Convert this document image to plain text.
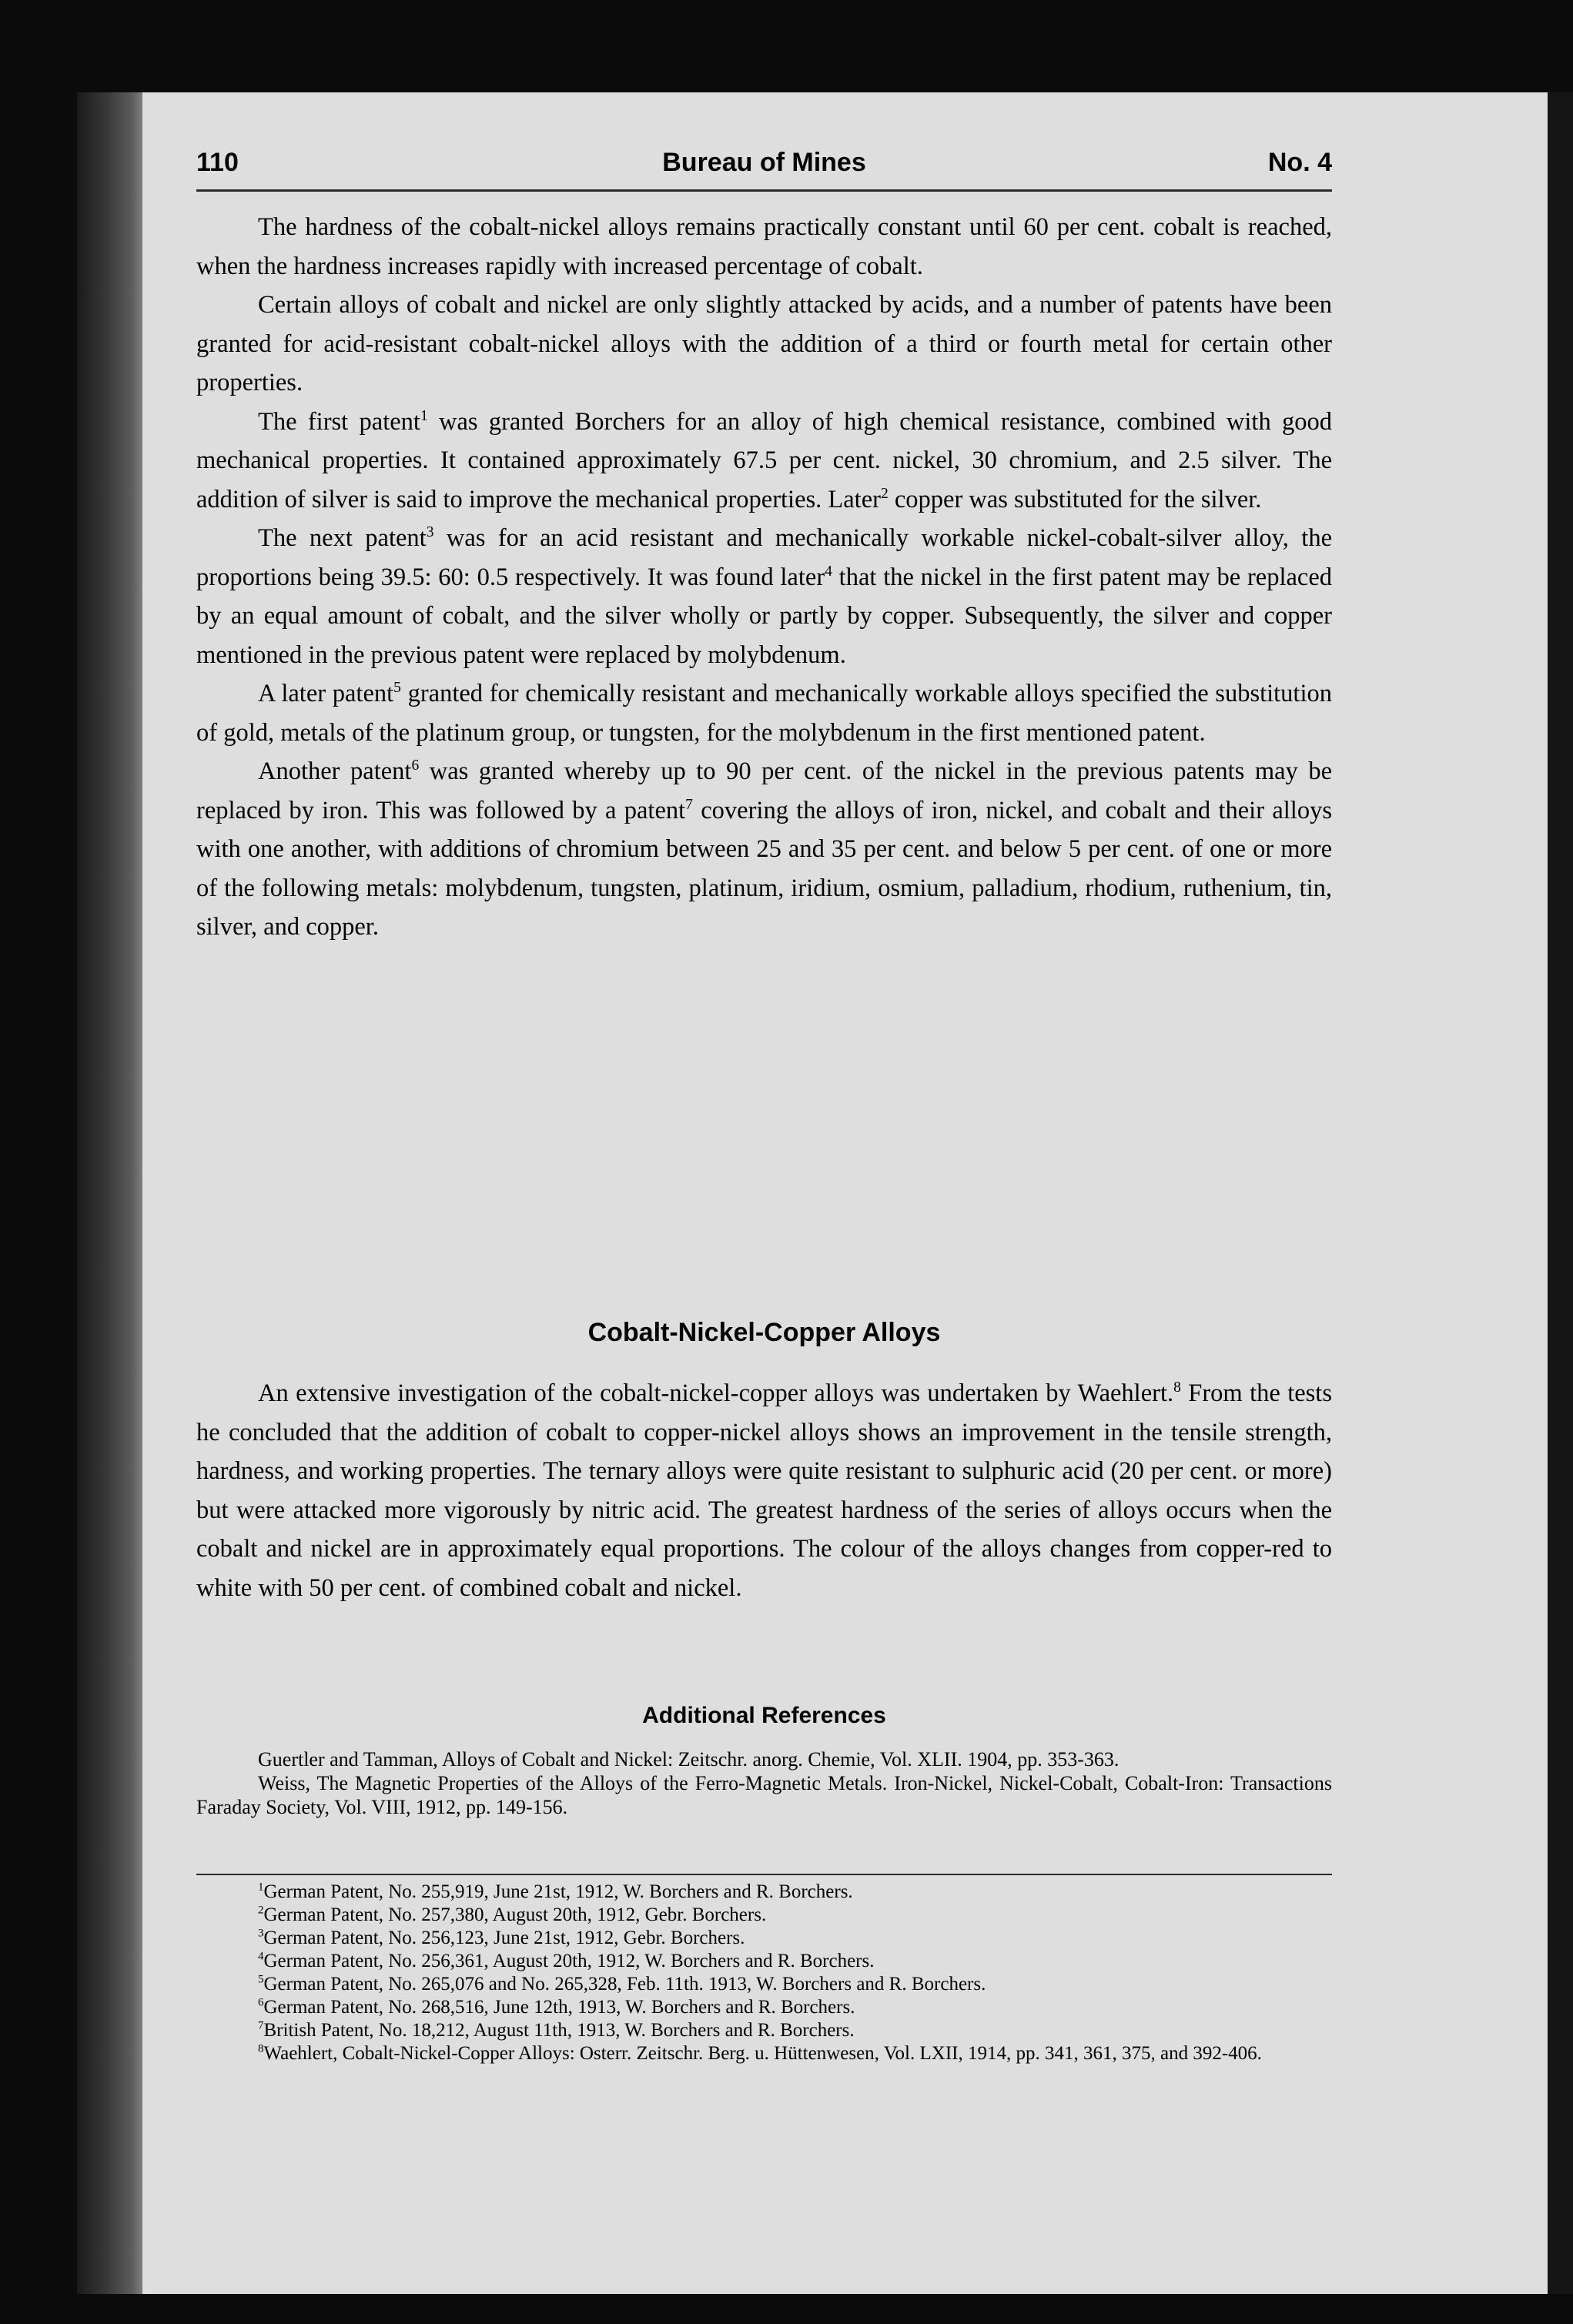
110	Bureau of Mines	No. 4

The hardness of the cobalt-nickel alloys remains practically constant until 60 per cent. cobalt is reached, when the hardness increases rapidly with increased percentage of cobalt.

Certain alloys of cobalt and nickel are only slightly attacked by acids, and a number of patents have been granted for acid-resistant cobalt-nickel alloys with the addition of a third or fourth metal for certain other properties.

The first patent$^1$ was granted Borchers for an alloy of high chemical resistance, combined with good mechanical properties. It contained approximately 67.5 per cent. nickel, 30 chromium, and 2.5 silver. The addition of silver is said to improve the mechanical properties. Later$^2$ copper was substituted for the silver.

The next patent$^3$ was for an acid resistant and mechanically workable nickel-cobalt-silver alloy, the proportions being 39.5: 60: 0.5 respectively. It was found later$^4$ that the nickel in the first patent may be replaced by an equal amount of cobalt, and the silver wholly or partly by copper. Subsequently, the silver and copper mentioned in the previous patent were replaced by molybdenum.

A later patent$^5$ granted for chemically resistant and mechanically workable alloys specified the substitution of gold, metals of the platinum group, or tungsten, for the molybdenum in the first mentioned patent.

Another patent$^6$ was granted whereby up to 90 per cent. of the nickel in the previous patents may be replaced by iron. This was followed by a patent$^7$ covering the alloys of iron, nickel, and cobalt and their alloys with one another, with additions of chromium between 25 and 35 per cent. and below 5 per cent. of one or more of the following metals: molybdenum, tungsten, platinum, iridium, osmium, palladium, rhodium, ruthenium, tin, silver, and copper.

Cobalt-Nickel-Copper Alloys

An extensive investigation of the cobalt-nickel-copper alloys was undertaken by Waehlert.$^8$ From the tests he concluded that the addition of cobalt to copper-nickel alloys shows an improvement in the tensile strength, hardness, and working properties. The ternary alloys were quite resistant to sulphuric acid (20 per cent. or more) but were attacked more vigorously by nitric acid. The greatest hardness of the series of alloys occurs when the cobalt and nickel are in approximately equal proportions. The colour of the alloys changes from copper-red to white with 50 per cent. of combined cobalt and nickel.

Additional References

Guertler and Tamman, Alloys of Cobalt and Nickel: Zeitschr. anorg. Chemie, Vol. XLII. 1904, pp. 353-363.

Weiss, The Magnetic Properties of the Alloys of the Ferro-Magnetic Metals. Iron-Nickel, Nickel-Cobalt, Cobalt-Iron: Transactions Faraday Society, Vol. VIII, 1912, pp. 149-156.

$^1$German Patent, No. 255,919, June 21st, 1912, W. Borchers and R. Borchers.

$^2$German Patent, No. 257,380, August 20th, 1912, Gebr. Borchers.

$^3$German Patent, No. 256,123, June 21st, 1912, Gebr. Borchers.

$^4$German Patent, No. 256,361, August 20th, 1912, W. Borchers and R. Borchers.

$^5$German Patent, No. 265,076 and No. 265,328, Feb. 11th. 1913, W. Borchers and R. Borchers.

$^6$German Patent, No. 268,516, June 12th, 1913, W. Borchers and R. Borchers.

$^7$British Patent, No. 18,212, August 11th, 1913, W. Borchers and R. Borchers.

$^8$Waehlert, Cobalt-Nickel-Copper Alloys: Osterr. Zeitschr. Berg. u. Hüttenwesen, Vol. LXII, 1914, pp. 341, 361, 375, and 392-406.
